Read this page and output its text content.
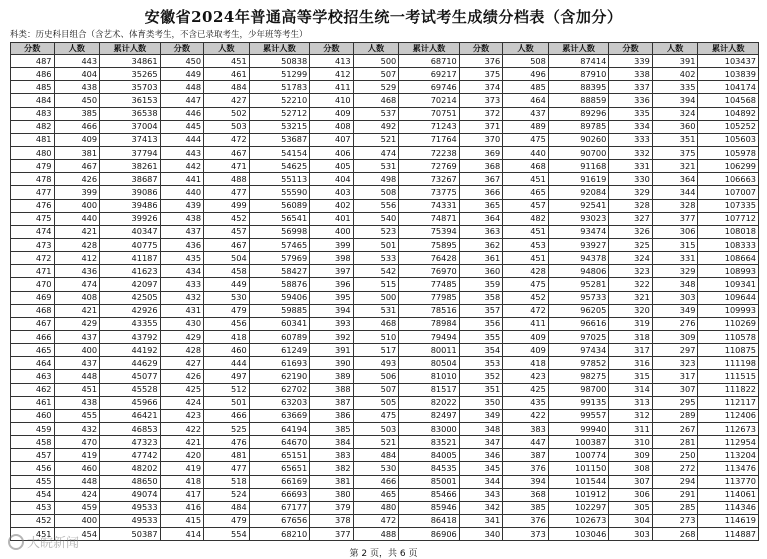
安徽省2024年普通高等学校招生统一考试考生成绩分档表（含加分）
科类：历史科目组合（含艺术、体育类考生，不含已录取考生，少年班等考生）
分数	人数	累计人数	分数	人数	累计人数	分数	人数	累计人数	分数	人数	累计人数	分数	人数	累计人数
487	443	34861	450	451	50838	413	500	68710	376	508	87414	339	391	103437
486	404	35265	449	461	51299	412	507	69217	375	496	87910	338	402	103839
485	438	35703	448	484	51783	411	529	69746	374	485	88395	337	335	104174
484	450	36153	447	427	52210	410	468	70214	373	464	88859	336	394	104568
483	385	36538	446	502	52712	409	537	70751	372	437	89296	335	324	104892
482	466	37004	445	503	53215	408	492	71243	371	489	89785	334	360	105252
481	409	37413	444	472	53687	407	521	71764	370	475	90260	333	351	105603
480	381	37794	443	467	54154	406	474	72238	369	440	90700	332	375	105978
479	467	38261	442	471	54625	405	531	72769	368	468	91168	331	321	106299
478	426	38687	441	488	55113	404	498	73267	367	451	91619	330	364	106663
477	399	39086	440	477	55590	403	508	73775	366	465	92084	329	344	107007
476	400	39486	439	499	56089	402	556	74331	365	457	92541	328	328	107335
475	440	39926	438	452	56541	401	540	74871	364	482	93023	327	377	107712
474	421	40347	437	457	56998	400	523	75394	363	451	93474	326	306	108018
473	428	40775	436	467	57465	399	501	75895	362	453	93927	325	315	108333
472	412	41187	435	504	57969	398	533	76428	361	451	94378	324	331	108664
471	436	41623	434	458	58427	397	542	76970	360	428	94806	323	329	108993
470	474	42097	433	449	58876	396	515	77485	359	475	95281	322	348	109341
469	408	42505	432	530	59406	395	500	77985	358	452	95733	321	303	109644
468	421	42926	431	479	59885	394	531	78516	357	472	96205	320	349	109993
467	429	43355	430	456	60341	393	468	78984	356	411	96616	319	276	110269
466	437	43792	429	418	60789	392	510	79494	355	409	97025	318	309	110578
465	400	44192	428	460	61249	391	517	80011	354	409	97434	317	297	110875
464	437	44629	427	444	61693	390	493	80504	353	418	97852	316	323	111198
463	448	45077	426	497	62190	389	506	81010	352	423	98275	315	317	111515
462	451	45528	425	512	62702	388	507	81517	351	425	98700	314	307	111822
461	438	45966	424	501	63203	387	505	82022	350	435	99135	313	295	112117
460	455	46421	423	466	63669	386	475	82497	349	422	99557	312	289	112406
459	432	46853	422	525	64194	385	503	83000	348	383	99940	311	267	112673
458	470	47323	421	476	64670	384	521	83521	347	447	100387	310	281	112954
457	419	47742	420	481	65151	383	484	84005	346	387	100774	309	250	113204
456	460	48202	419	477	65651	382	530	84535	345	376	101150	308	272	113476
455	448	48650	418	518	66169	381	466	85001	344	394	101544	307	294	113770
454	424	49074	417	524	66693	380	465	85466	343	368	101912	306	291	114061
453	459	49533	416	484	67177	379	480	85946	342	385	102297	305	285	114346
452	400	49533	415	479	67656	378	472	86418	341	376	102673	304	273	114619
451	454	50387	414	554	68210	377	488	86906	340	373	103046	303	268	114887
第 2 页，共 6 页
大皖新闻
